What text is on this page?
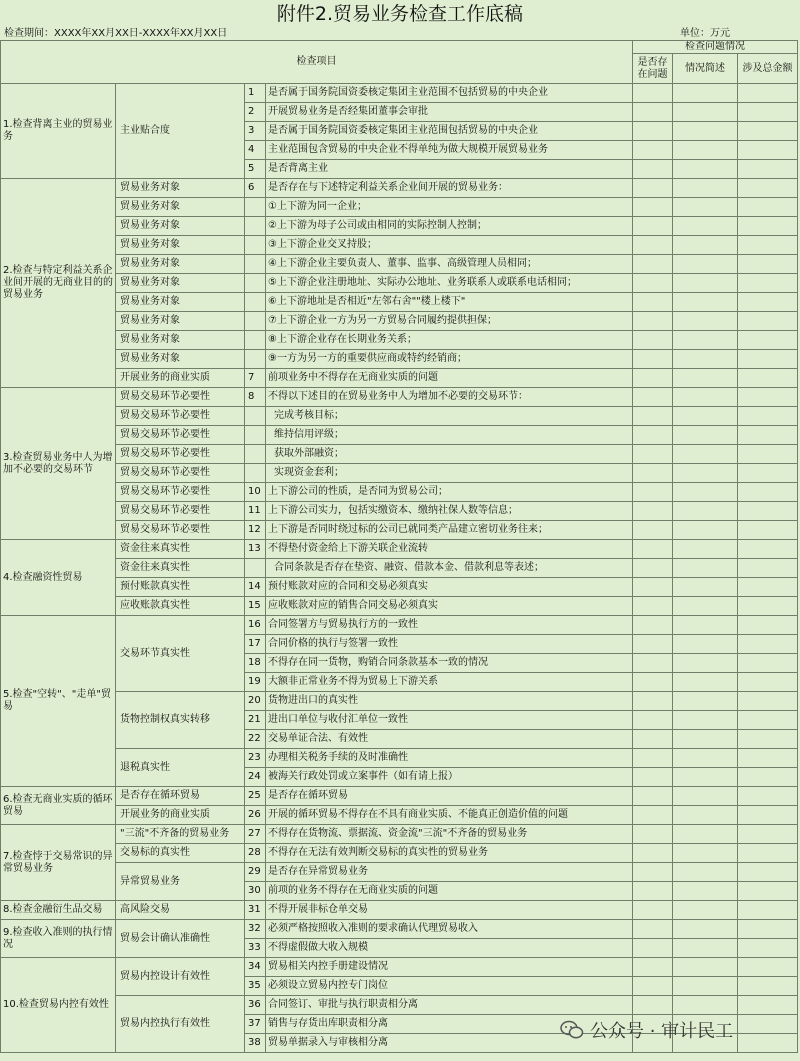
附件2.贸易业务检查工作底稿
检查期间：XXXX年XX月XX日-XXXX年XX月XX日	单位：万元
检查项目				检查问题情况		
				是否存在问题	情况简述	涉及总金额
1.检查背离主业的贸易业务	主业贴合度	1	是否属于国务院国资委核定集团主业范围不包括贸易的中央企业			
		2	开展贸易业务是否经集团董事会审批			
		3	是否属于国务院国资委核定集团主业范围包括贸易的中央企业			
		4	主业范围包含贸易的中央企业不得单纯为做大规模开展贸易业务			
		5	是否背离主业			
2.检查与特定利益关系企业间开展的无商业目的的贸易业务	贸易业务对象	6	是否存在与下述特定利益关系企业间开展的贸易业务：			
	贸易业务对象		①上下游为同一企业；			
	贸易业务对象		②上下游为母子公司或由相同的实际控制人控制；			
	贸易业务对象		③上下游企业交叉持股；			
	贸易业务对象		④上下游企业主要负责人、董事、监事、高级管理人员相同；			
	贸易业务对象		⑤上下游企业注册地址、实际办公地址、业务联系人或联系电话相同；			
	贸易业务对象		⑥上下游地址是否相近"左邻右舍""楼上楼下"			
	贸易业务对象		⑦上下游企业一方为另一方贸易合同履约提供担保；			
	贸易业务对象		⑧上下游企业存在长期业务关系；			
	贸易业务对象		⑨一方为另一方的重要供应商或特约经销商；			
	开展业务的商业实质	7	前项业务中不得存在无商业实质的问题			
3.检查贸易业务中人为增加不必要的交易环节	贸易交易环节必要性	8	不得以下述目的在贸易业务中人为增加不必要的交易环节：			
	贸易交易环节必要性		完成考核目标；			
	贸易交易环节必要性		维持信用评级；			
	贸易交易环节必要性		获取外部融资；			
	贸易交易环节必要性		实现资金套利；			
	贸易交易环节必要性	10	上下游公司的性质，是否同为贸易公司；			
	贸易交易环节必要性	11	上下游公司实力，包括实缴资本、缴纳社保人数等信息；			
	贸易交易环节必要性	12	上下游是否同时绕过标的公司已就同类产品建立密切业务往来；			
4.检查融资性贸易	资金往来真实性	13	不得垫付资金给上下游关联企业流转			
	资金往来真实性		合同条款是否存在垫资、融资、借款本金、借款利息等表述；			
	预付账款真实性	14	预付账款对应的合同和交易必须真实			
	应收账款真实性	15	应收账款对应的销售合同交易必须真实			
5.检查"空转"、"走单"贸易	交易环节真实性	16	合同签署方与贸易执行方的一致性			
		17	合同价格的执行与签署一致性			
		18	不得存在同一货物，购销合同条款基本一致的情况			
		19	大额非正常业务不得为贸易上下游关系			
	货物控制权真实转移	20	货物进出口的真实性			
		21	进出口单位与收付汇单位一致性			
		22	交易单证合法、有效性			
	退税真实性	23	办理相关税务手续的及时准确性			
		24	被海关行政处罚或立案事件（如有请上报）			
6.检查无商业实质的循环贸易	是否存在循环贸易	25	是否存在循环贸易			
	开展业务的商业实质	26	开展的循环贸易不得存在不具有商业实质、不能真正创造价值的问题			
7.检查悖于交易常识的异常贸易业务	"三流"不齐备的贸易业务	27	不得存在货物流、票据流、资金流"三流"不齐备的贸易业务			
	交易标的真实性	28	不得存在无法有效判断交易标的真实性的贸易业务			
	异常贸易业务	29	是否存在异常贸易业务			
		30	前项的业务不得存在无商业实质的问题			
8.检查金融衍生品交易	高风险交易	31	不得开展非标仓单交易			
9.检查收入准则的执行情况	贸易会计确认准确性	32	必须严格按照收入准则的要求确认代理贸易收入			
		33	不得虚假做大收入规模			
10.检查贸易内控有效性	贸易内控设计有效性	34	贸易相关内控手册建设情况			
		35	必须设立贸易内控专门岗位			
	贸易内控执行有效性	36	合同签订、审批与执行职责相分离			
		37	销售与存货出库职责相分离			
		38	贸易单据录入与审核相分离			
公众号 · 审计民工
